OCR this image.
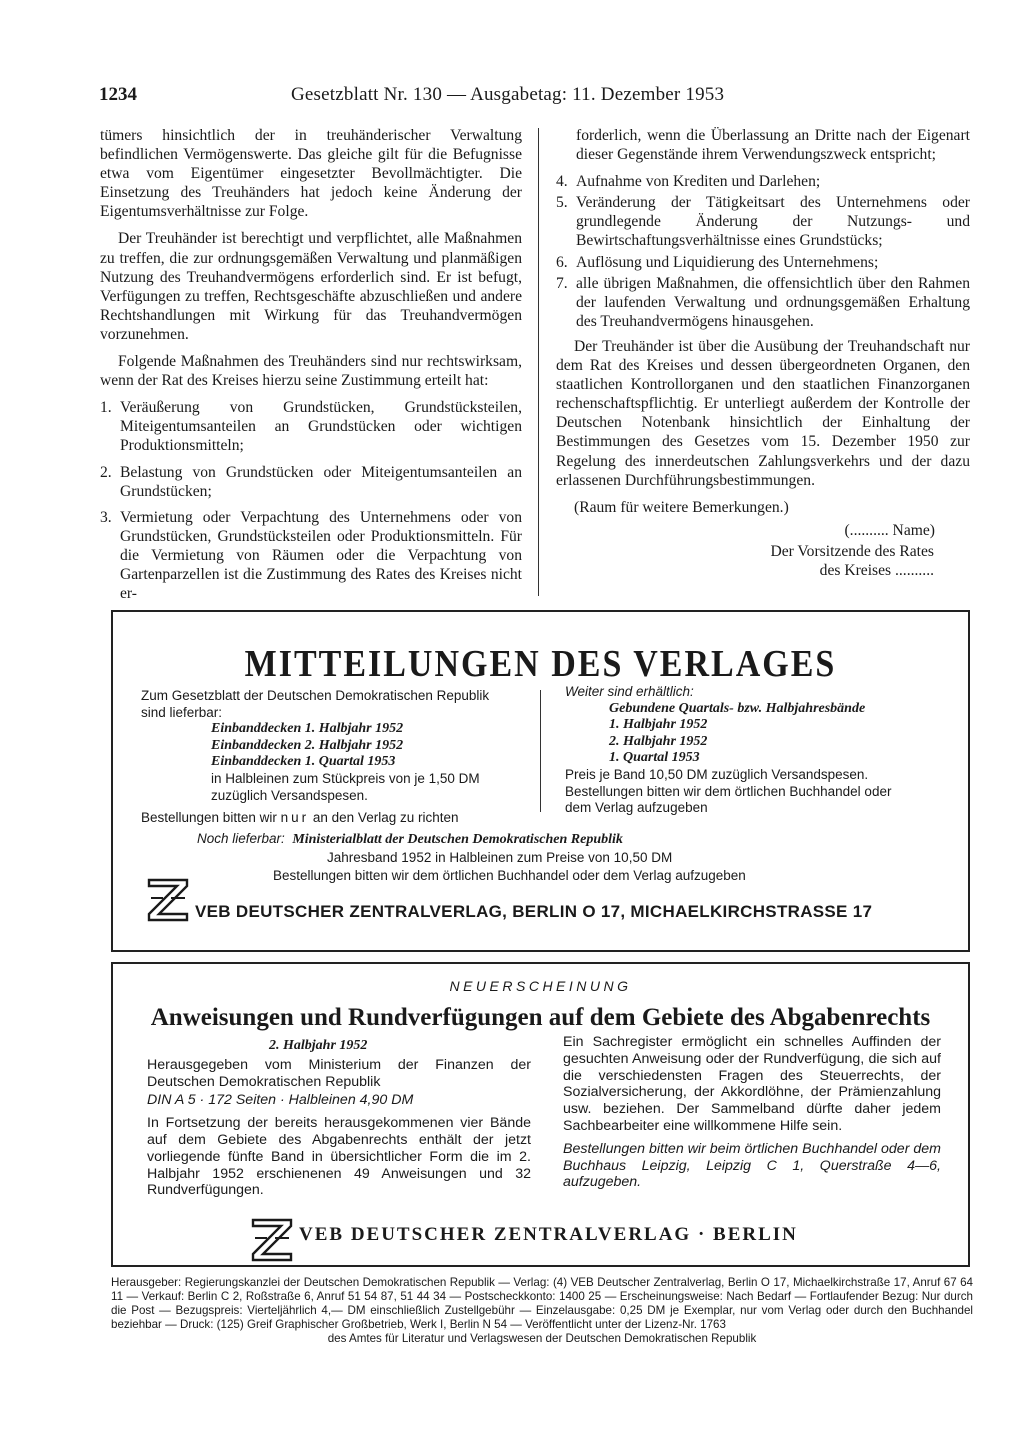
1234	Gesetzblatt Nr. 130 — Ausgabetag: 11. Dezember 1953

tümers hinsichtlich der in treuhänderischer Verwaltung befindlichen Vermögenswerte. Das gleiche gilt für die Befugnisse etwa vom Eigentümer eingesetzter Bevollmächtigter. Die Einsetzung des Treuhänders hat jedoch keine Änderung der Eigentumsverhältnisse zur Folge.

Der Treuhänder ist berechtigt und verpflichtet, alle Maßnahmen zu treffen, die zur ordnungsgemäßen Verwaltung und planmäßigen Nutzung des Treuhandvermögens erforderlich sind. Er ist befugt, Verfügungen zu treffen, Rechtsgeschäfte abzuschließen und andere Rechtshandlungen mit Wirkung für das Treuhandvermögen vorzunehmen.

Folgende Maßnahmen des Treuhänders sind nur rechtswirksam, wenn der Rat des Kreises hierzu seine Zustimmung erteilt hat:

1. Veräußerung von Grundstücken, Grundstücksteilen, Miteigentumsanteilen an Grundstücken oder wichtigen Produktionsmitteln;
2. Belastung von Grundstücken oder Miteigentumsanteilen an Grundstücken;
3. Vermietung oder Verpachtung des Unternehmens oder von Grundstücken, Grundstücksteilen oder Produktionsmitteln. Für die Vermietung von Räumen oder die Verpachtung von Gartenparzellen ist die Zustimmung des Rates des Kreises nicht er-

forderlich, wenn die Überlassung an Dritte nach der Eigenart dieser Gegenstände ihrem Verwendungszweck entspricht;

4. Aufnahme von Krediten und Darlehen;
5. Veränderung der Tätigkeitsart des Unternehmens oder grundlegende Änderung der Nutzungs- und Bewirtschaftungsverhältnisse eines Grundstücks;
6. Auflösung und Liquidierung des Unternehmens;
7. alle übrigen Maßnahmen, die offensichtlich über den Rahmen der laufenden Verwaltung und ordnungsgemäßen Erhaltung des Treuhandvermögens hinausgehen.

Der Treuhänder ist über die Ausübung der Treuhandschaft nur dem Rat des Kreises und dessen übergeordneten Organen, den staatlichen Kontrollorganen und den staatlichen Finanzorganen rechenschaftspflichtig. Er unterliegt außerdem der Kontrolle der Deutschen Notenbank hinsichtlich der Einhaltung der Bestimmungen des Gesetzes vom 15. Dezember 1950 zur Regelung des innerdeutschen Zahlungsverkehrs und der dazu erlassenen Durchführungsbestimmungen.

(Raum für weitere Bemerkungen.)

(.......... Name)
Der Vorsitzende des Rates
des Kreises ..........
MITTEILUNGEN DES VERLAGES
Zum Gesetzblatt der Deutschen Demokratischen Republik
sind lieferbar:
Einbanddecken 1. Halbjahr 1952
Einbanddecken 2. Halbjahr 1952
Einbanddecken 1. Quartal 1953
in Halbleinen zum Stückpreis von je 1,50 DM
zuzüglich Versandspesen.
Bestellungen bitten wir nur an den Verlag zu richten
Weiter sind erhältlich:
Gebundene Quartals- bzw. Halbjahresbände
1. Halbjahr 1952
2. Halbjahr 1952
1. Quartal 1953
Preis je Band 10,50 DM zuzüglich Versandspesen.
Bestellungen bitten wir dem örtlichen Buchhandel oder
dem Verlag aufzugeben
Noch lieferbar: Ministerialblatt der Deutschen Demokratischen Republik
Jahresband 1952 in Halbleinen zum Preise von 10,50 DM
Bestellungen bitten wir dem örtlichen Buchhandel oder dem Verlag aufzugeben
VEB DEUTSCHER ZENTRALVERLAG, BERLIN O 17, MICHAELKIRCHSTRASSE 17
NEUERSCHEINUNG
Anweisungen und Rundverfügungen auf dem Gebiete des Abgabenrechts
2. Halbjahr 1952

Herausgegeben vom Ministerium der Finanzen der Deutschen Demokratischen Republik

DIN A 5 · 172 Seiten · Halbleinen 4,90 DM

In Fortsetzung der bereits herausgekommenen vier Bände auf dem Gebiete des Abgabenrechts enthält der jetzt vorliegende fünfte Band in übersichtlicher Form die im 2. Halbjahr 1952 erschienenen 49 Anweisungen und 32 Rundverfügungen.

Ein Sachregister ermöglicht ein schnelles Auffinden der gesuchten Anweisung oder der Rundverfügung, die sich auf die verschiedensten Fragen des Steuerrechts, der Sozialversicherung, der Akkordlöhne, der Prämienzahlung usw. beziehen. Der Sammelband dürfte daher jedem Sachbearbeiter eine willkommene Hilfe sein.

Bestellungen bitten wir beim örtlichen Buchhandel oder dem Buchhaus Leipzig, Leipzig C 1, Querstraße 4—6, aufzugeben.

VEB DEUTSCHER ZENTRALVERLAG · BERLIN
Herausgeber: Regierungskanzlei der Deutschen Demokratischen Republik — Verlag: (4) VEB Deutscher Zentralverlag, Berlin O 17, Michaelkirchstraße 17, Anruf 67 64 11 — Verkauf: Berlin C 2, Roßstraße 6, Anruf 51 54 87, 51 44 34 — Postscheckkonto: 1400 25 — Erscheinungsweise: Nach Bedarf — Fortlaufender Bezug: Nur durch die Post — Bezugspreis: Vierteljährlich 4,— DM einschließlich Zustellgebühr — Einzelausgabe: 0,25 DM je Exemplar, nur vom Verlag oder durch den Buchhandel beziehbar — Druck: (125) Greif Graphischer Großbetrieb, Werk I, Berlin N 54 — Veröffentlicht unter der Lizenz-Nr. 1763
des Amtes für Literatur und Verlagswesen der Deutschen Demokratischen Republik
